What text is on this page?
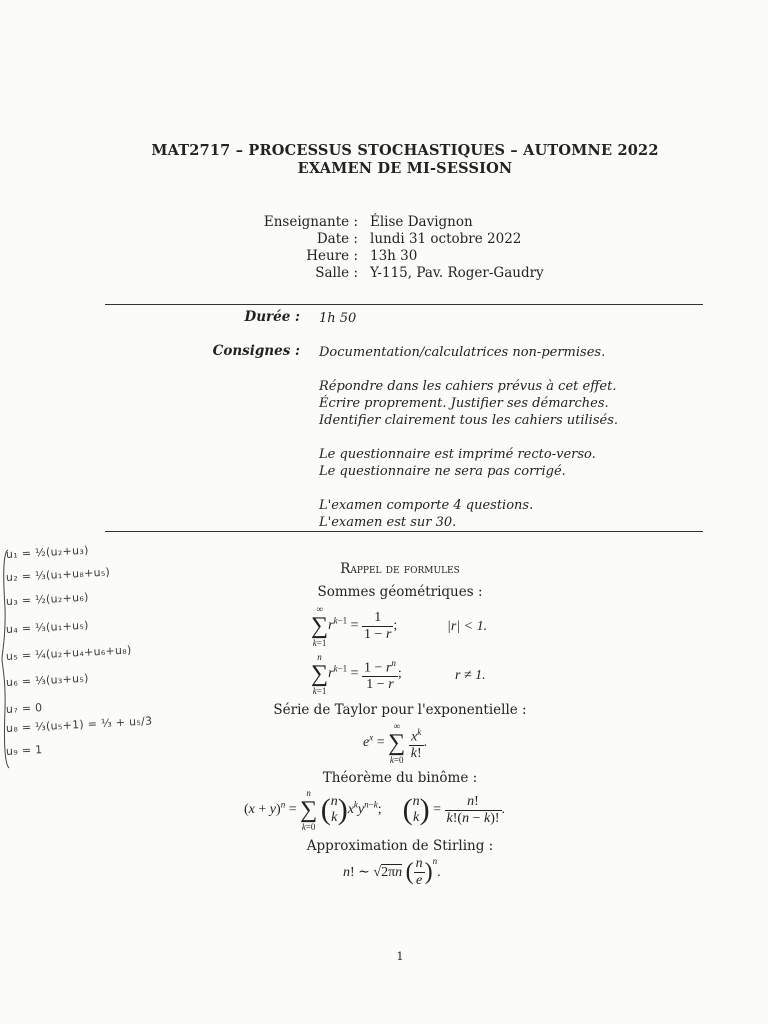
MAT2717 – PROCESSUS STOCHASTIQUES – AUTOMNE 2022
EXAMEN DE MI-SESSION
Enseignante : Élise Davignon
Date : lundi 31 octobre 2022
Heure : 13h 30
Salle : Y-115, Pav. Roger-Gaudry
Durée : 1h 50
Consignes : Documentation/calculatrices non-permises.
Répondre dans les cahiers prévus à cet effet.
Écrire proprement. Justifier ses démarches.
Identifier clairement tous les cahiers utilisés.
Le questionnaire est imprimé recto-verso.
Le questionnaire ne sera pas corrigé.
L'examen comporte 4 questions.
L'examen est sur 30.
u₁ = ½(u₂+u₃)
u₂ = ⅓(u₁+u₈+u₅)
u₃ = ½(u₂+u₆)
u₄ = ⅓(u₁+u₅)
u₅ = ¼(u₂+u₄+u₆+u₈)
u₆ = ⅓(u₃+u₅)
u₇ = 0
u₈ = ⅓(u₅+1) = ⅓ + u₅/3
u₉ = 1
Rappel de formules
Sommes géométriques :
∞
∑
k=1
$r^{k-1} = \frac{1}{1 - r}$ ;	|r| < 1.
n
∑
k=1
$r^{k-1} = \frac{1 - r^n}{1 - r}$ ;	r ≠ 1.
Série de Taylor pour l'exponentielle :
$e^x$ =
∞
∑
k=0
$\frac{x^k}{k!}$ .
Théorème du binôme :
$(x + y)^n$ =
n
∑
k=0
(n
$k)x^ky^{n-k}$;      (n
$k) = \frac{n!}{k!(n - k)!}$ .
Approximation de Stirling :
n! ∼ √2πn ( $\frac{n}{e} )^n$.
1
